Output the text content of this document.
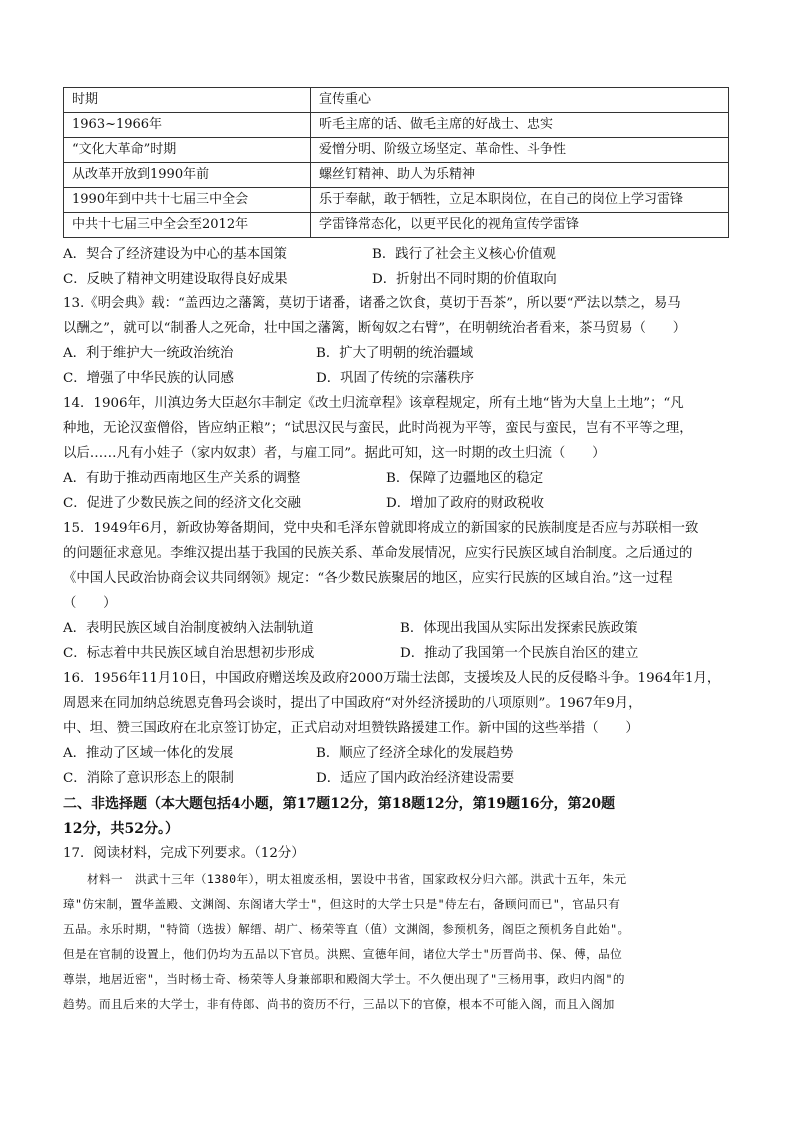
时期	宣传重心
1963~1966年	听毛主席的话、做毛主席的好战士、忠实
“文化大革命”时期	爱憎分明、阶级立场坚定、革命性、斗争性
从改革开放到1990年前	螺丝钉精神、助人为乐精神
1990年到中共十七届三中全会	乐于奉献，敢于牺牲，立足本职岗位，在自己的岗位上学习雷锋
中共十七届三中全会至2012年	学雷锋常态化，以更平民化的视角宣传学雷锋
A．契合了经济建设为中心的基本国策	B．践行了社会主义核心价值观
C．反映了精神文明建设取得良好成果	D．折射出不同时期的价值取向
13.《明会典》载：“盖西边之藩篱，莫切于诸番，诸番之饮食，莫切于吾茶”，所以要“严法以禁之，易马
以酬之”，就可以“制番人之死命，壮中国之藩篱，断匈奴之右臂”，在明朝统治者看来，茶马贸易（　　）
A．利于维护大一统政治统治	B．扩大了明朝的统治疆域
C．增强了中华民族的认同感	D．巩固了传统的宗藩秩序
14．1906年，川滇边务大臣赵尔丰制定《改土归流章程》该章程规定，所有土地“皆为大皇上土地”；“凡
种地，无论汉蛮僧俗，皆应纳正粮”；“试思汉民与蛮民，此时尚视为平等，蛮民与蛮民，岂有不平等之理，
以后……凡有小娃子（家内奴隶）者，与雇工同”。据此可知，这一时期的改土归流（　　）
A．有助于推动西南地区生产关系的调整	B．保障了边疆地区的稳定
C．促进了少数民族之间的经济文化交融	D．增加了政府的财政税收
15．1949年6月，新政协筹备期间，党中央和毛泽东曾就即将成立的新国家的民族制度是否应与苏联相一致
的问题征求意见。李维汉提出基于我国的民族关系、革命发展情况，应实行民族区域自治制度。之后通过的
《中国人民政治协商会议共同纲领》规定：“各少数民族聚居的地区，应实行民族的区域自治。”这一过程
（　　）
A．表明民族区域自治制度被纳入法制轨道	B．体现出我国从实际出发探索民族政策
C．标志着中共民族区域自治思想初步形成	D．推动了我国第一个民族自治区的建立
16．1956年11月10日，中国政府赠送埃及政府2000万瑞士法郎，支援埃及人民的反侵略斗争。1964年1月，
周恩来在同加纳总统恩克鲁玛会谈时，提出了中国政府“对外经济援助的八项原则”。1967年9月，
中、坦、赞三国政府在北京签订协定，正式启动对坦赞铁路援建工作。新中国的这些举措（　　）
A．推动了区域一体化的发展	B．顺应了经济全球化的发展趋势
C．消除了意识形态上的限制	D．适应了国内政治经济建设需要
二、非选择题（本大题包括4小题，第17题12分，第18题12分，第19题16分，第20题
12分，共52分。）
17．阅读材料，完成下列要求。（12分）
　　材料一　洪武十三年（1380年），明太祖废丞相，罢设中书省，国家政权分归六部。洪武十五年，朱元
璋"仿宋制，置华盖殿、文渊阁、东阁诸大学士"，但这时的大学士只是"侍左右，备顾问而已"，官品只有
五品。永乐时期，"特简（选拔）解缙、胡广、杨荣等直（值）文渊阁，参预机务，阁臣之预机务自此始"。
但是在官制的设置上，他们仍均为五品以下官员。洪熙、宣德年间，诸位大学士"历晋尚书、保、傅，品位
尊崇，地居近密"，当时杨士奇、杨荣等人身兼部职和殿阁大学士。不久便出现了"三杨用事，政归内阁"的
趋势。而且后来的大学士，非有侍郎、尚书的资历不行，三品以下的官僚，根本不可能入阁，而且入阁加
